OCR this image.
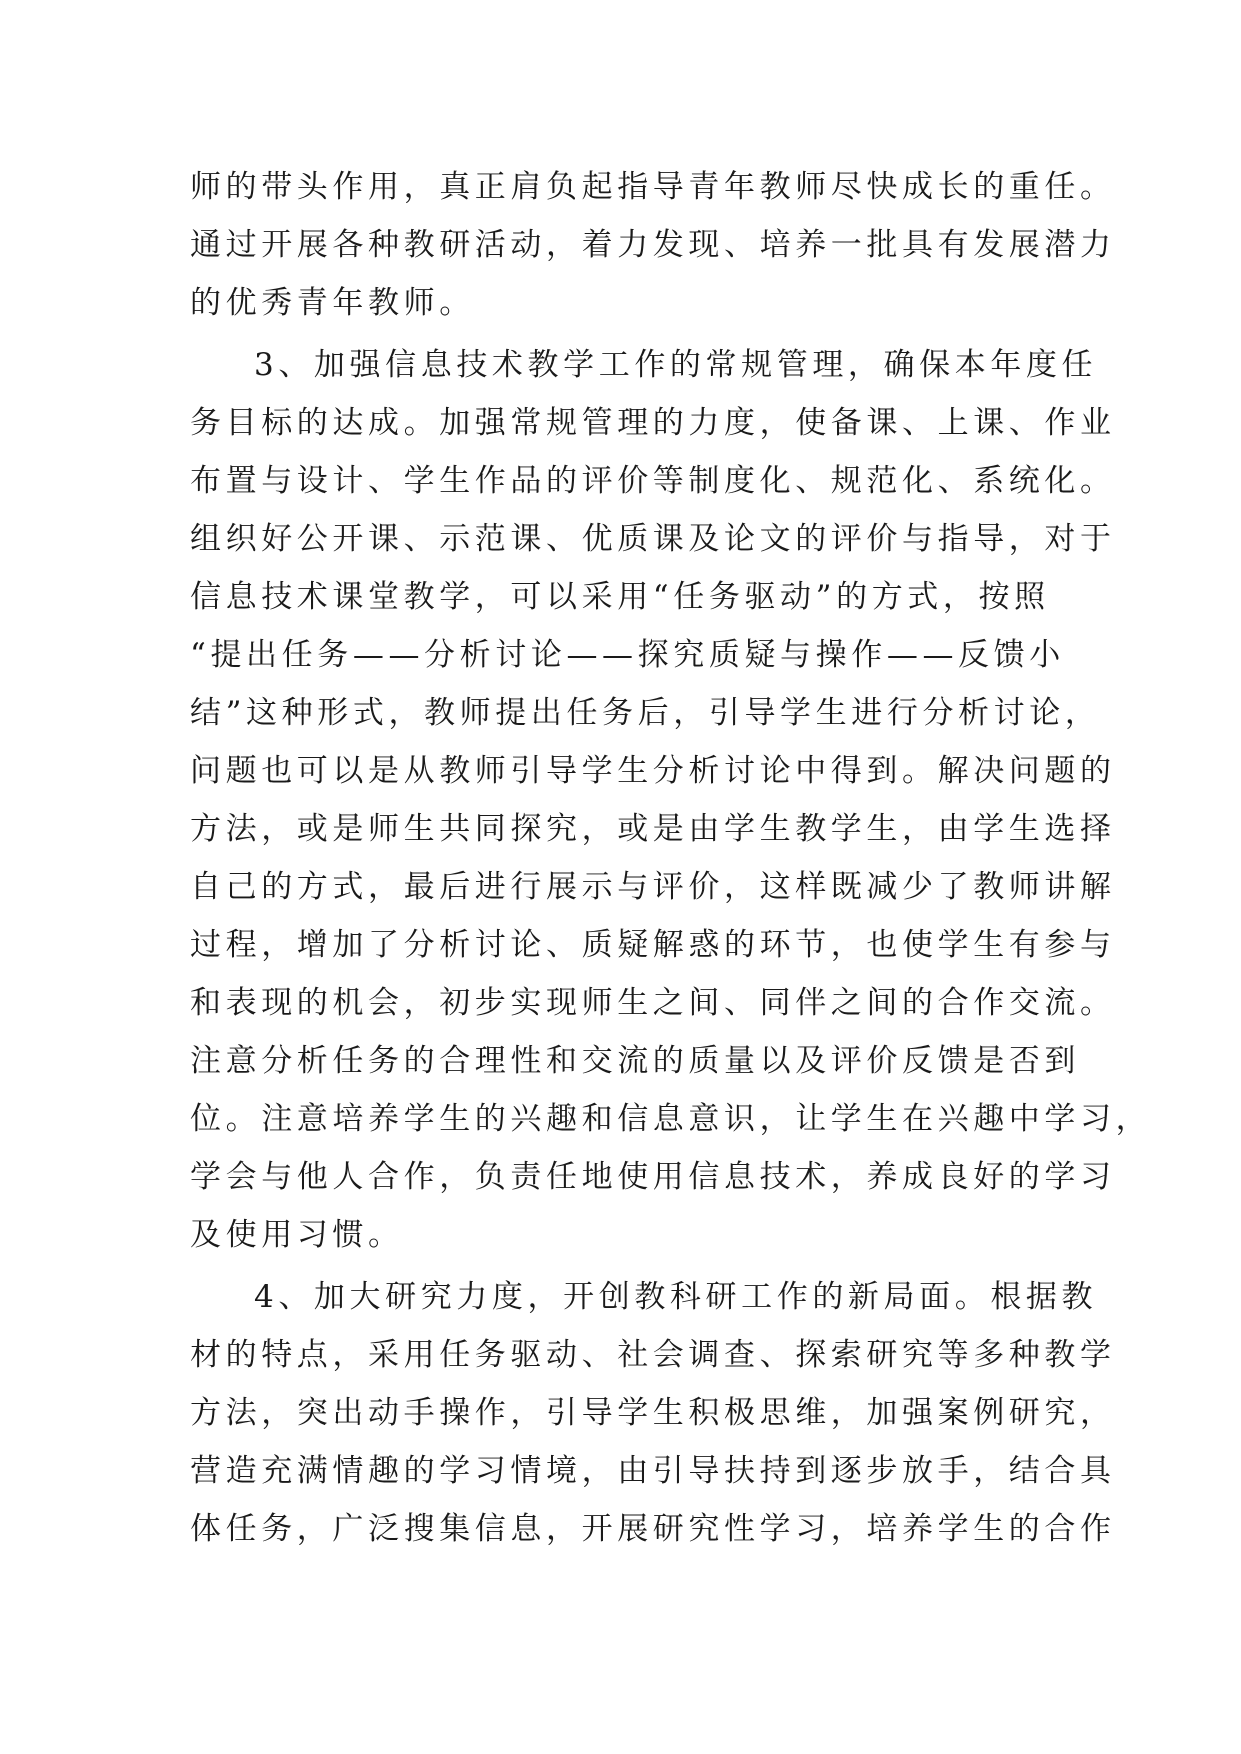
师的带头作用，真正肩负起指导青年教师尽快成长的重任。
通过开展各种教研活动，着力发现、培养一批具有发展潜力
的优秀青年教师。
3、加强信息技术教学工作的常规管理，确保本年度任
务目标的达成。加强常规管理的力度，使备课、上课、作业
布置与设计、学生作品的评价等制度化、规范化、系统化。
组织好公开课、示范课、优质课及论文的评价与指导，对于
信息技术课堂教学，可以采用“任务驱动”的方式，按照
“提出任务——分析讨论——探究质疑与操作——反馈小
结”这种形式，教师提出任务后，引导学生进行分析讨论，
问题也可以是从教师引导学生分析讨论中得到。解决问题的
方法，或是师生共同探究，或是由学生教学生，由学生选择
自己的方式，最后进行展示与评价，这样既减少了教师讲解
过程，增加了分析讨论、质疑解惑的环节，也使学生有参与
和表现的机会，初步实现师生之间、同伴之间的合作交流。
注意分析任务的合理性和交流的质量以及评价反馈是否到
位。注意培养学生的兴趣和信息意识，让学生在兴趣中学习，
学会与他人合作，负责任地使用信息技术，养成良好的学习
及使用习惯。
4、加大研究力度，开创教科研工作的新局面。根据教
材的特点，采用任务驱动、社会调查、探索研究等多种教学
方法，突出动手操作，引导学生积极思维，加强案例研究，
营造充满情趣的学习情境，由引导扶持到逐步放手，结合具
体任务，广泛搜集信息，开展研究性学习，培养学生的合作
